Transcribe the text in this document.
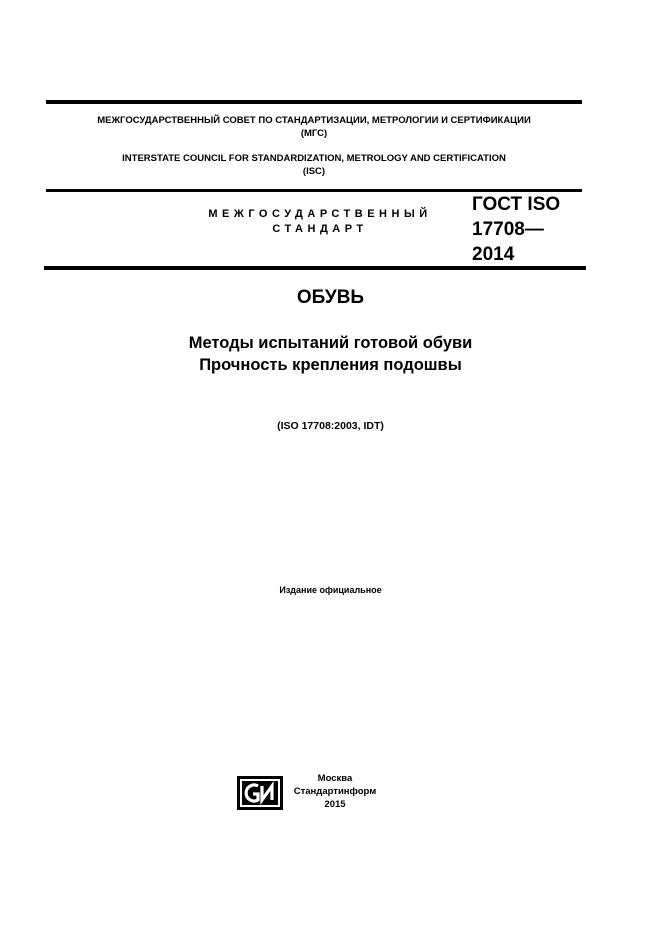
МЕЖГОСУДАРСТВЕННЫЙ СОВЕТ ПО СТАНДАРТИЗАЦИИ, МЕТРОЛОГИИ И СЕРТИФИКАЦИИ
(МГС)
INTERSTATE COUNCIL FOR STANDARDIZATION, METROLOGY AND CERTIFICATION
(ISC)
МЕЖГОСУДАРСТВЕННЫЙ
СТАНДАРТ
ГОСТ ISO
17708—
2014
ОБУВЬ
Методы испытаний готовой обуви
Прочность крепления подошвы
(ISO 17708:2003, IDT)
Издание официальное
Москва
Стандартинформ
2015
